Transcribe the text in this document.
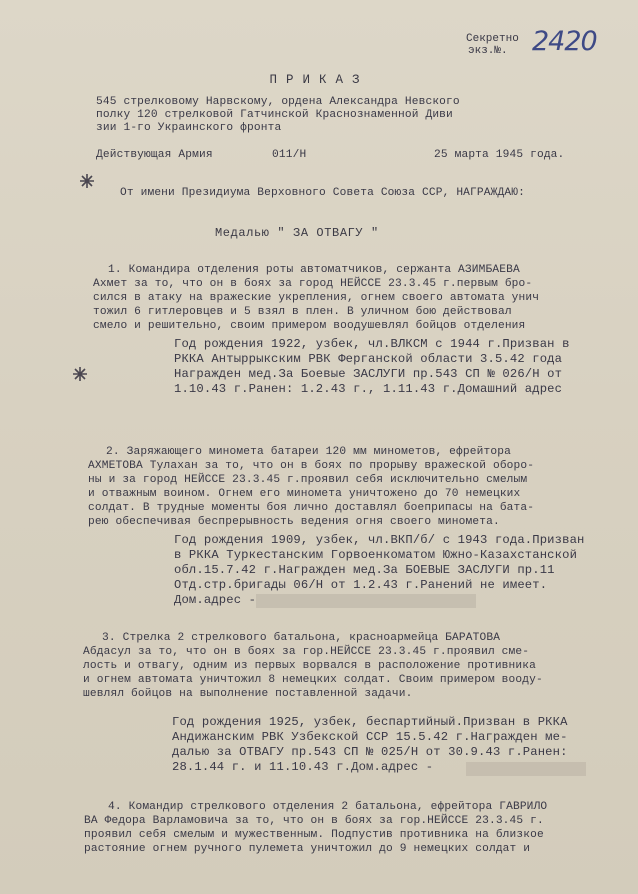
Секретно
экз.№. 2420
ПРИКАЗ
545 стрелковому Нарвскому, ордена Александра Невского
полку 120 стрелковой Гатчинской Краснознаменной Диви
зии 1-го Украинского фронта
Действующая Армия	011/Н	25 марта 1945 года.
От имени Президиума Верховного Совета Союза ССР, НАГРАЖДАЮ:
Медалью " ЗА ОТВАГУ "
1. Командира отделения роты автоматчиков, сержанта АЗИМБАЕВА
Ахмет за то, что он в боях за город НЕЙССЕ 23.3.45 г.первым бро-
сился в атаку на вражеские укрепления, огнем своего автомата унич
тожил 6 гитлеровцев и 5 взял в плен. В уличном бою действовал
смело и решительно, своим примером воодушевлял бойцов отделения
Год рождения 1922, узбек, чл.ВЛКСМ с 1944 г.Призван в
РККА Антыррыкским РВК Ферганской области 3.5.42 года
Награжден мед.За Боевые ЗАСЛУГИ пр.543 СП № 026/Н от
1.10.43 г.Ранен: 1.2.43 г., 1.11.43 г.Домашний адрес
2. Заряжающего миномета батареи 120 мм минометов, ефрейтора
АХМЕТОВА Тулахан за то, что он в боях по прорыву вражеской оборо-
ны и за город НЕЙССЕ 23.3.45 г.проявил себя исключительно смелым
и отважным воином. Огнем его миномета уничтожено до 70 немецких
солдат. В трудные моменты боя лично доставлял боеприпасы на бата-
рею обеспечивая беспрерывность ведения огня своего миномета.
Год рождения 1909, узбек, чл.ВКП/б/ с 1943 года.Призван
в РККА Туркестанским Горвоенкоматом Южно-Казахстанской
обл.15.7.42 г.Награжден мед.За БОЕВЫЕ ЗАСЛУГИ пр.11
Отд.стр.бригады 06/Н от 1.2.43 г.Ранений не имеет.
Дом.адрес -
3. Стрелка 2 стрелкового батальона, красноармейца БАРАТОВА
Абдасул за то, что он в боях за гор.НЕЙССЕ 23.3.45 г.проявил сме-
лость и отвагу, одним из первых ворвался в расположение противника
и огнем автомата уничтожил 8 немецких солдат. Своим примером вооду-
шевлял бойцов на выполнение поставленной задачи.
Год рождения 1925, узбек, беспартийный.Призван в РККА
Андижанским РВК Узбекской ССР 15.5.42 г.Награжден ме-
далью за ОТВАГУ пр.543 СП № 025/Н от 30.9.43 г.Ранен:
28.1.44 г. и 11.10.43 г.Дом.адрес -
4. Командир стрелкового отделения 2 батальона, ефрейтора ГАВРИЛО
ВА Федора Варламовича за то, что он в боях за гор.НЕЙССЕ 23.3.45 г.
проявил себя смелым и мужественным. Подпустив противника на близкое
растояние огнем ручного пулемета уничтожил до 9 немецких солдат и
